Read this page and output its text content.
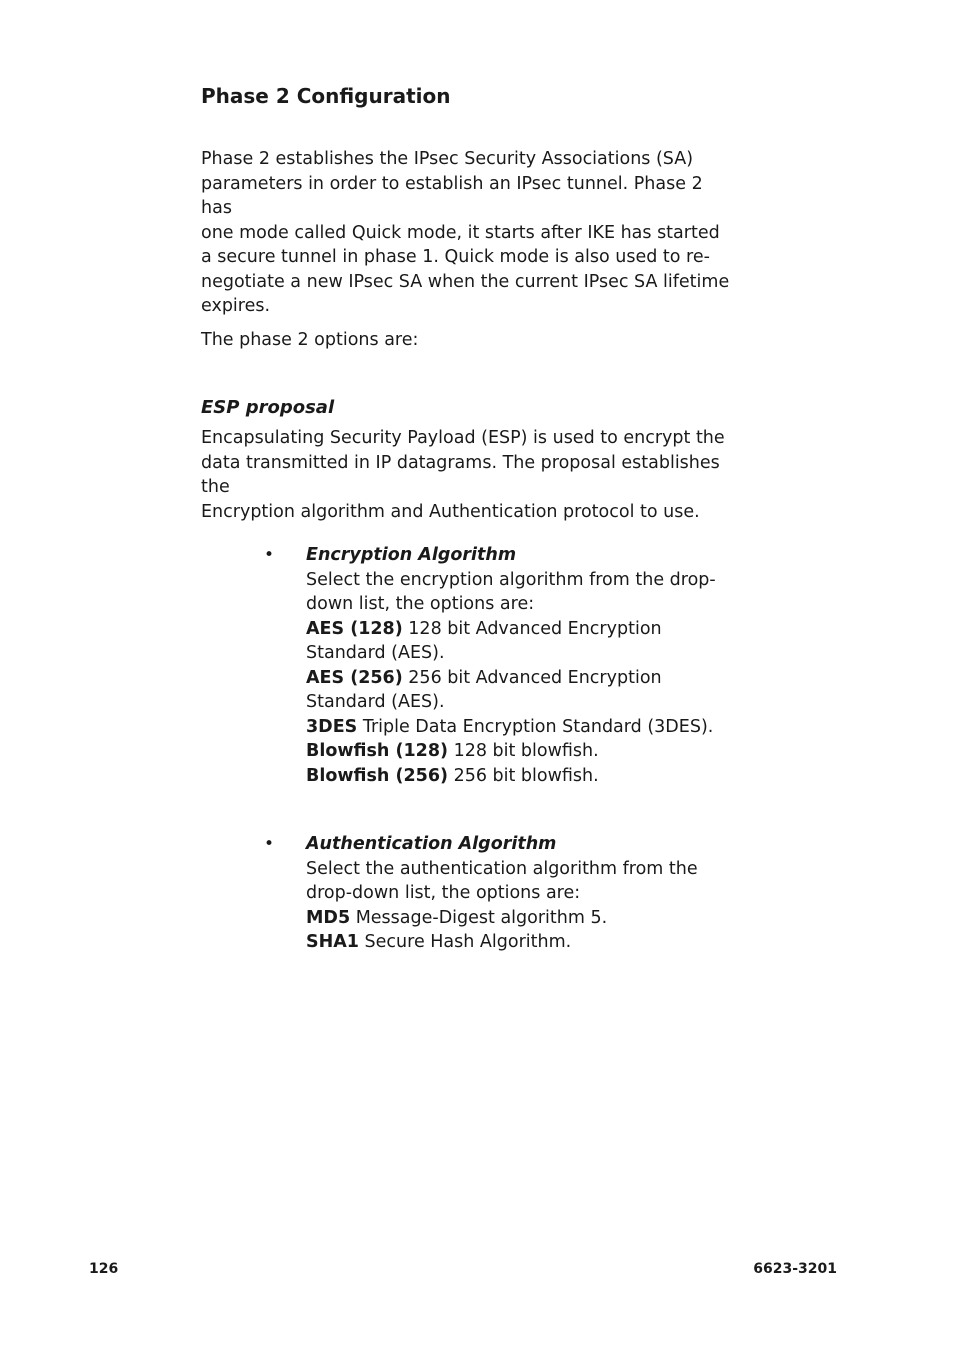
Phase 2 Configuration

Phase 2 establishes the IPsec Security Associations (SA)
parameters in order to establish an IPsec tunnel. Phase 2 has
one mode called Quick mode, it starts after IKE has started
a secure tunnel in phase 1. Quick mode is also used to re-
negotiate a new IPsec SA when the current IPsec SA lifetime
expires.

The phase 2 options are:

ESP proposal

Encapsulating Security Payload (ESP) is used to encrypt the
data transmitted in IP datagrams. The proposal establishes the
Encryption algorithm and Authentication protocol to use.

• Encryption Algorithm
Select the encryption algorithm from the drop-
down list, the options are:
AES (128) 128 bit Advanced Encryption
Standard (AES).
AES (256) 256 bit Advanced Encryption
Standard (AES).
3DES Triple Data Encryption Standard (3DES).
Blowfish (128) 128 bit blowfish.
Blowfish (256) 256 bit blowfish.
• Authentication Algorithm
Select the authentication algorithm from the
drop-down list, the options are:
MD5 Message-Digest algorithm 5.
SHA1 Secure Hash Algorithm.

126	6623-3201
